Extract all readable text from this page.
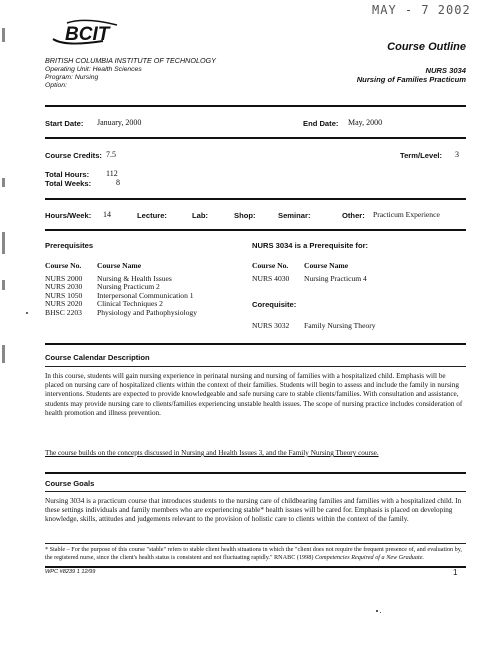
MAY - 7 2002
BCIT
Course Outline
BRITISH COLUMBIA INSTITUTE OF TECHNOLOGY
Operating Unit: Health Sciences
Program: Nursing
Option:
NURS 3034
Nursing of Families Practicum
Start Date: January, 2000	End Date: May, 2000
Course Credits: 7.5	Term/Level: 3
Total Hours: 112
Total Weeks:	8
Hours/Week: 14	Lecture:	Lab:	Shop:	Seminar:	Other: Practicum Experience
Prerequisites
Course No.	Course Name
NURS 2000	Nursing & Health Issues
NURS 2030	Nursing Practicum 2
NURS 1050	Interpersonal Communication 1
NURS 2020	Clinical Techniques 2
BHSC 2203	Physiology and Pathophysiology
NURS 3034 is a Prerequisite for:
Course No.	Course Name
NURS 4030	Nursing Practicum 4
Corequisite:
NURS 3032	Family Nursing Theory
Course Calendar Description
In this course, students will gain nursing experience in perinatal nursing and nursing of families with a hospitalized child. Emphasis will be placed on nursing care of hospitalized clients within the context of their families. Students will begin to assess and include the family in nursing interventions. Students are expected to provide knowledgeable and safe nursing care to stable clients/families. With consultation and assistance, students may provide nursing care to clients/families experiencing unstable health issues. The scope of nursing practice includes consideration of health promotion and illness prevention.
The course builds on the concepts discussed in Nursing and Health Issues 3, and the Family Nursing Theory course.
Course Goals
Nursing 3034 is a practicum course that introduces students to the nursing care of childbearing families and families with a hospitalized child. In these settings individuals and family members who are experiencing stable* health issues will be cared for. Emphasis is placed on developing knowledge, skills, attitudes and judgements relevant to the provision of holistic care to clients within the context of the family.
* Stable – For the purpose of this course "stable" refers to stable client health situations in which the "client does not require the frequent presence of, and evaluation by, the registered nurse, since the client's health status is consistent and not fluctuating rapidly." RNABC (1998) Competencies Required of a New Graduate.
WPC #8239 1 12/99	1
